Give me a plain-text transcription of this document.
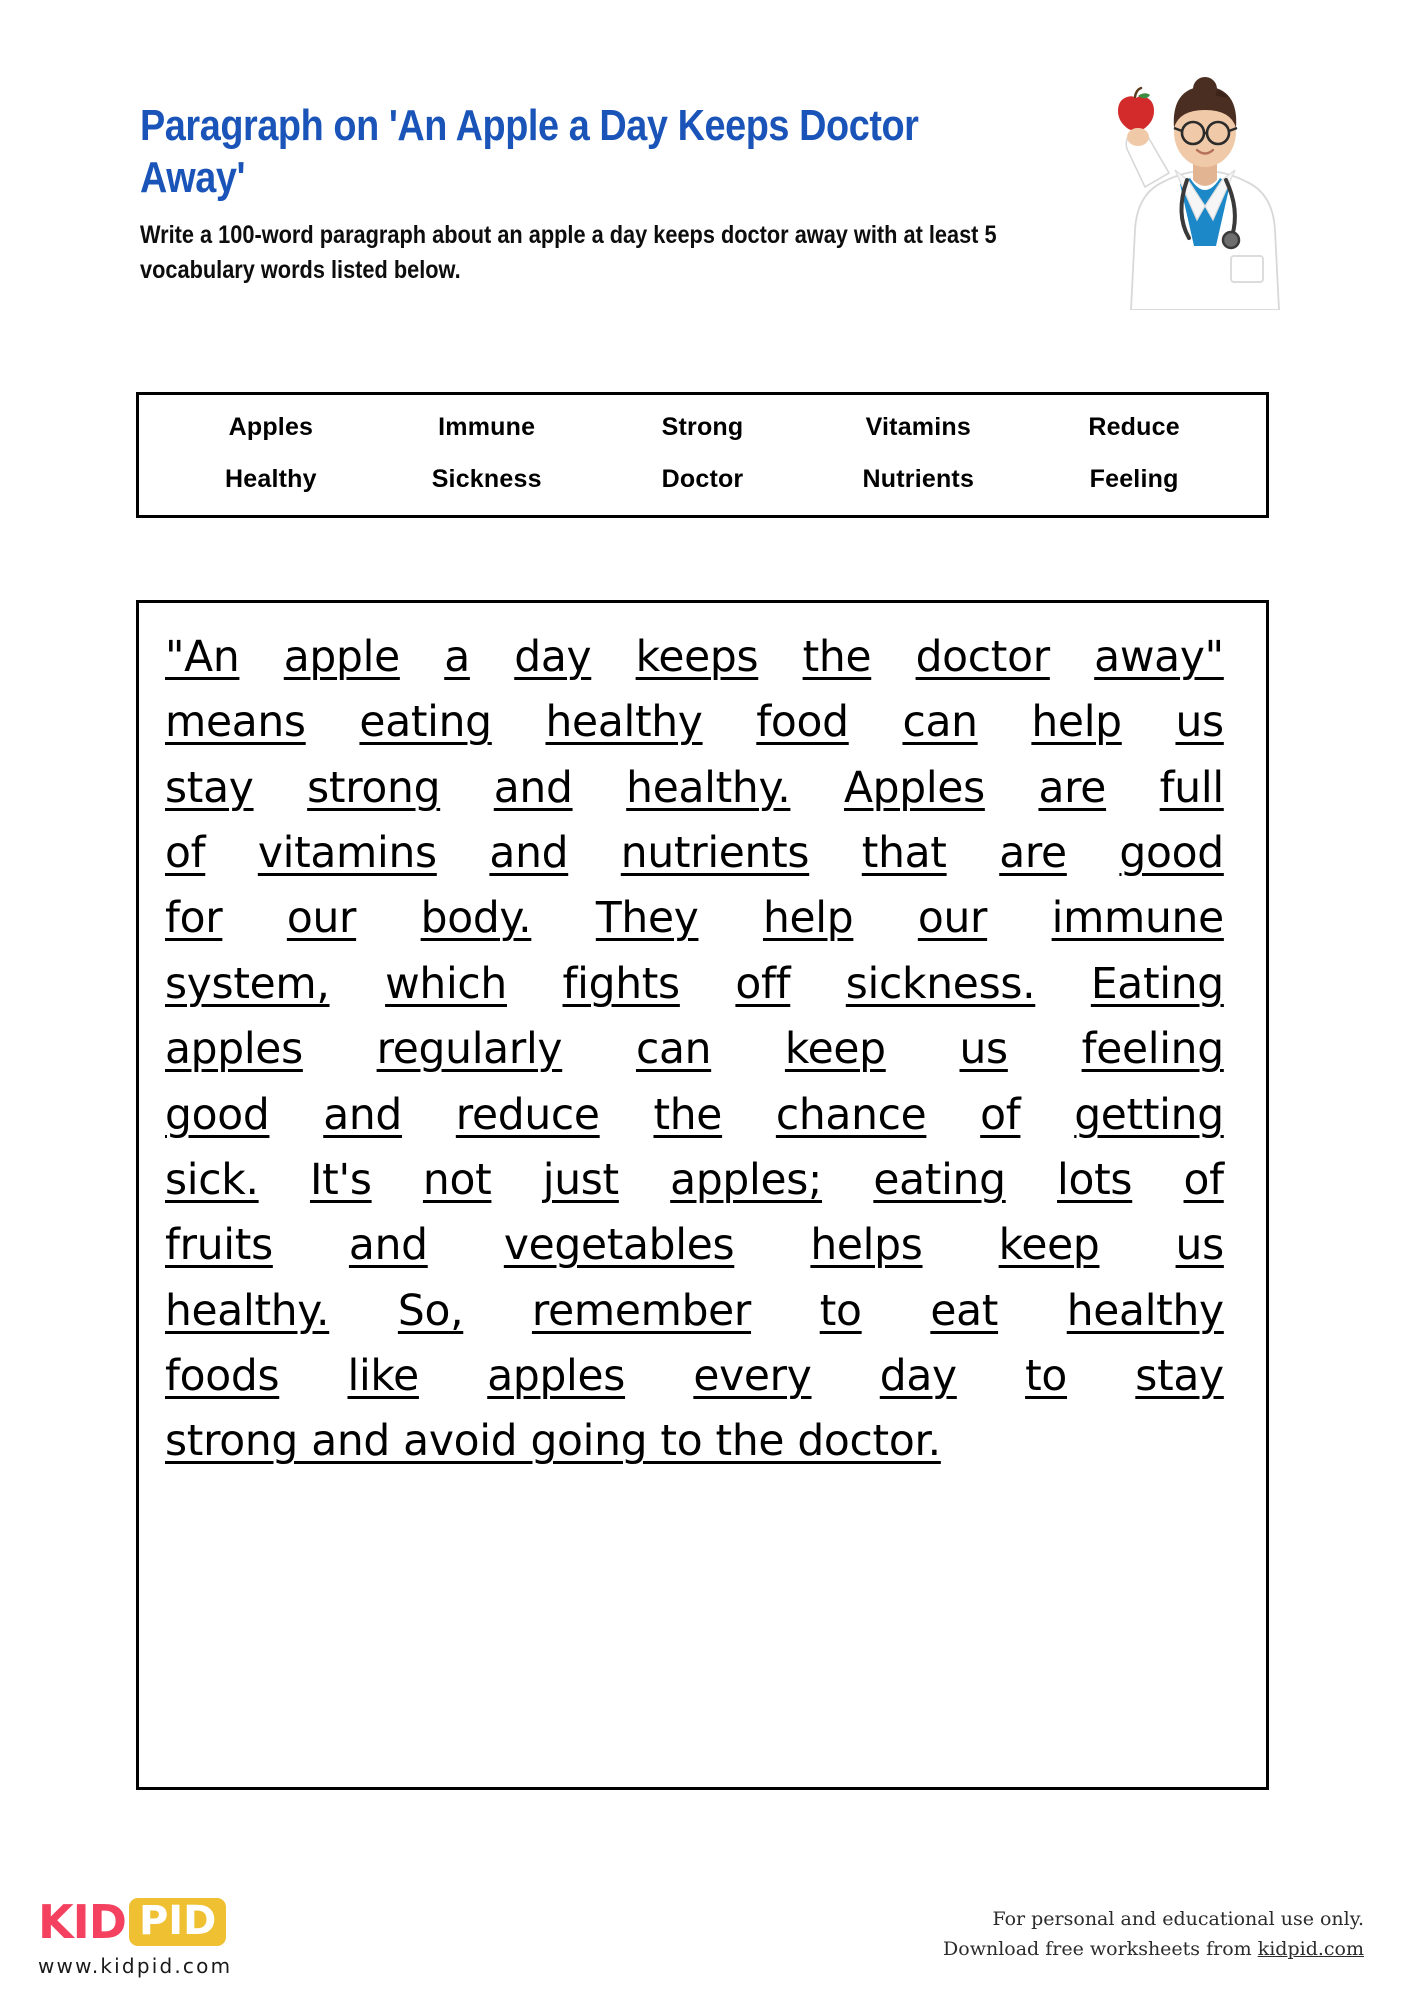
Paragraph on 'An Apple a Day Keeps Doctor Away'
Write a 100-word paragraph about an apple a day keeps doctor away with at least 5 vocabulary words listed below.
Apples	Immune	Strong	Vitamins	Reduce
Healthy	Sickness	Doctor	Nutrients	Feeling
"An apple a day keeps the doctor away"
means eating healthy food can help us
stay strong and healthy. Apples are full
of vitamins and nutrients that are good
for our body. They help our immune
system, which fights off sickness. Eating
apples regularly can keep us feeling
good and reduce the chance of getting
sick. It's not just apples; eating lots of
fruits and vegetables helps keep us
healthy. So, remember to eat healthy
foods like apples every day to stay
strong and avoid going to the doctor.
KID PID
www.kidpid.com
For personal and educational use only.
Download free worksheets from kidpid.com
